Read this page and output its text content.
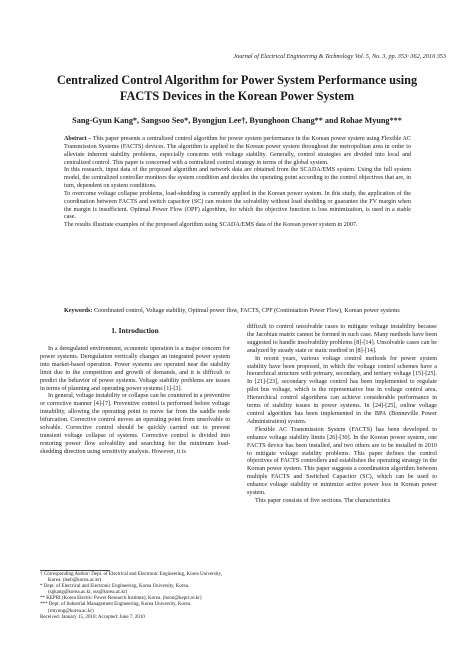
Journal of Electrical Engineering & Technology Vol. 5, No. 3, pp. 353~362, 2010 353
Centralized Control Algorithm for Power System Performance using
FACTS Devices in the Korean Power System
Sang-Gyun Kang*, Sangsoo Seo*, Byongjun Lee†, Byunghoon Chang** and Rohae Myung***

Abstract – This paper presents a centralized control algorithm for power system performance in the Korean power system using Flexible AC Transmission Systems (FACTS) devices. The algorithm is applied to the Korean power system throughout the metropolitan area in order to alleviate inherent stability problems, especially concerns with voltage stability. Generally, control strategies are divided into local and centralized control. This paper is concerned with a centralized control strategy in terms of the global system.

In this research, input data of the proposed algorithm and network data are obtained from the SCADA/EMS system. Using the full system model, the centralized controller monitors the system condition and decides the operating point according to the control objectives that are, in turn, dependent on system conditions.

To overcome voltage collapse problems, load-shedding is currently applied in the Korean power system. In this study, the application of the coordination between FACTS and switch capacitor (SC) can restore the solvability without load shedding or guarantee the FV margin when the margin is insufficient. Optimal Power Flow (OPF) algorithm, for which the objective function is loss minimization, is used in a stable case.

The results illustrate examples of the proposed algorithm using SCADA/EMS data of the Korean power system in 2007.

Keywords: Coordinated control, Voltage stability, Optimal power flow, FACTS, CPF (Continuation Power Flow), Korean power systems
1. Introduction

In a deregulated environment, economic operation is a major concern for power systems. Deregulation vertically changes an integrated power system into market-based operation. Power systems are operated near the stability limit due to the competition and growth of demands, and it is difficult to predict the behavior of power systems. Voltage stability problems are issues in terms of planning and operating power systems [1]-[3].

In general, voltage instability or collapse can be countered in a preventive or corrective manner [4]-[7]. Preventive control is performed before voltage instability, allowing the operating point to move far from the saddle node bifurcation. Corrective control moves an operating point from unsolvable to solvable. Corrective control should be quickly carried out to prevent transient voltage collapse of systems. Corrective control is divided into restoring power flow solvability and searching for the minimum load-shedding direction using sensitivity analysis. However, it is

difficult to control unsolvable cases to mitigate voltage instability because the Jacobian matrix cannot be formed in such case. Many methods have been suggested to handle insolvability problems [8]-[14]. Unsolvable cases can be analyzed by steady state or static method in [8]-[14].

In recent years, various voltage control methods for power system stability have been proposed, in which the voltage control schemes have a hierarchical structure with primary, secondary, and tertiary voltage [15]-[25]. In [21]-[23], secondary voltage control has been implemented to regulate pilot bus voltage, which is the representative bus in voltage control area. Hierarchical control algorithms can achieve considerable performance in terms of stability issues in power systems. In [24]-[25], online voltage control algorithm has been implemented in the BPA (Bonneville Power Administration) system.

Flexible AC Transmission System (FACTS) has been developed to enhance voltage stability limits [26]-[30]. In the Korean power system, one FACTS device has been installed, and two others are to be installed in 2010 to mitigate voltage stability problems. This paper defines the control objectives of FACTS controllers and establishes the operating strategy in the Korean power system. This paper suggests a coordination algorithm between multiple FACTS and Switched Capacitor (SC), which can be used to enhance voltage stability or minimize active power loss in Korean power system.

This paper consists of five sections. The characteristics

† Corresponding Author: Dept. of Electrical and Electronic Engineering, Korea University, Korea. (leeb@korea.ac.kr)
* Dept. of Electrical and Electronic Engineering, Korea University, Korea. (sgkang@korea.ac.kr, sss@korea.ac.kr)
** KEPRI (Korea Electric Power Research Institute), Korea. (hoon@kepri.re.kr)
*** Dept. of Industrial Management Engineering, Korea University, Korea. (rmyung@korea.ac.kr)
Received: January 15, 2010; Accepted: June 7, 2010
